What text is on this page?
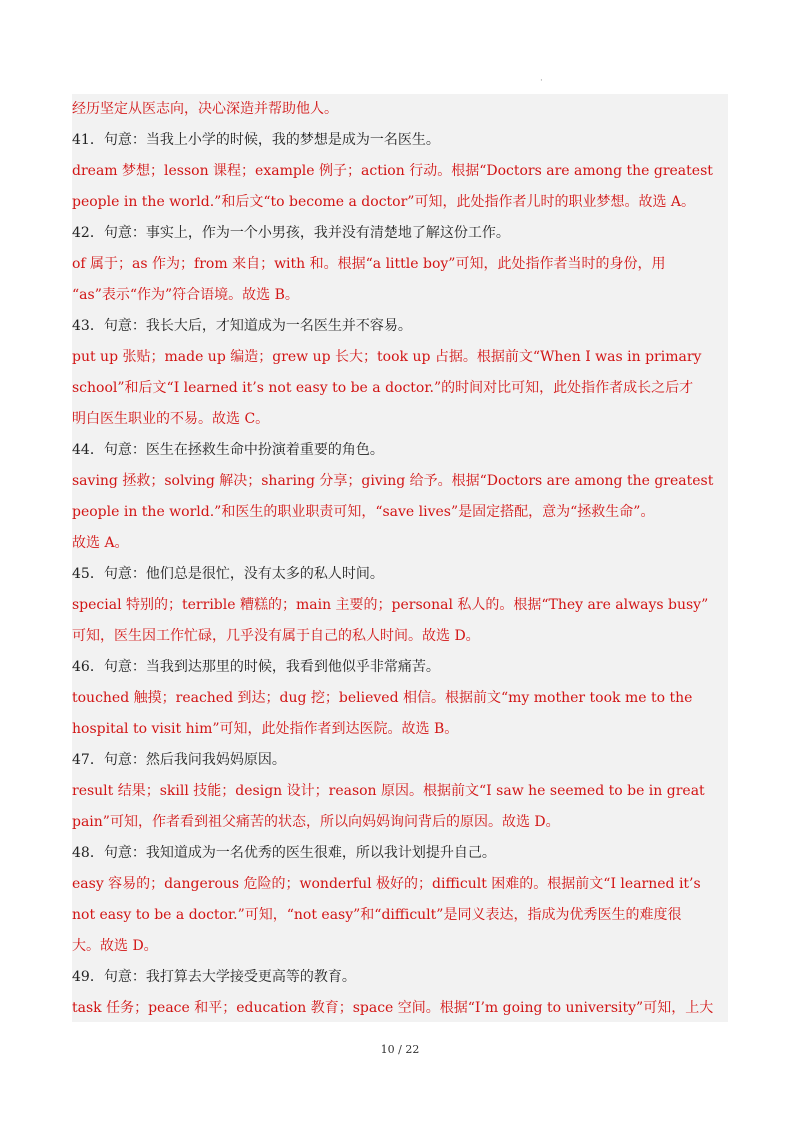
·
经历坚定从医志向，决心深造并帮助他人。
41．句意：当我上小学的时候，我的梦想是成为一名医生。
dream 梦想；lesson 课程；example 例子；action 行动。根据“Doctors are among the greatest
people in the world.”和后文“to become a doctor”可知，此处指作者儿时的职业梦想。故选 A。
42．句意：事实上，作为一个小男孩，我并没有清楚地了解这份工作。
of 属于；as 作为；from 来自；with 和。根据“a little boy”可知，此处指作者当时的身份，用
“as”表示“作为”符合语境。故选 B。
43．句意：我长大后，才知道成为一名医生并不容易。
put up 张贴；made up 编造；grew up 长大；took up 占据。根据前文“When I was in primary
school”和后文“I learned it’s not easy to be a doctor.”的时间对比可知，此处指作者成长之后才
明白医生职业的不易。故选 C。
44．句意：医生在拯救生命中扮演着重要的角色。
saving 拯救；solving 解决；sharing 分享；giving 给予。根据“Doctors are among the greatest
people in the world.”和医生的职业职责可知，“save lives”是固定搭配，意为“拯救生命”。
故选 A。
45．句意：他们总是很忙，没有太多的私人时间。
special 特别的；terrible 糟糕的；main 主要的；personal 私人的。根据“They are always busy”
可知，医生因工作忙碌，几乎没有属于自己的私人时间。故选 D。
46．句意：当我到达那里的时候，我看到他似乎非常痛苦。
touched 触摸；reached 到达；dug 挖；believed 相信。根据前文“my mother took me to the
hospital to visit him”可知，此处指作者到达医院。故选 B。
47．句意：然后我问我妈妈原因。
result 结果；skill 技能；design 设计；reason 原因。根据前文“I saw he seemed to be in great
pain”可知，作者看到祖父痛苦的状态，所以向妈妈询问背后的原因。故选 D。
48．句意：我知道成为一名优秀的医生很难，所以我计划提升自己。
easy 容易的；dangerous 危险的；wonderful 极好的；difficult 困难的。根据前文“I learned it’s
not easy to be a doctor.”可知，“not easy”和“difficult”是同义表达，指成为优秀医生的难度很
大。故选 D。
49．句意：我打算去大学接受更高等的教育。
task 任务；peace 和平；education 教育；space 空间。根据“I’m going to university”可知，上大
10 / 22
